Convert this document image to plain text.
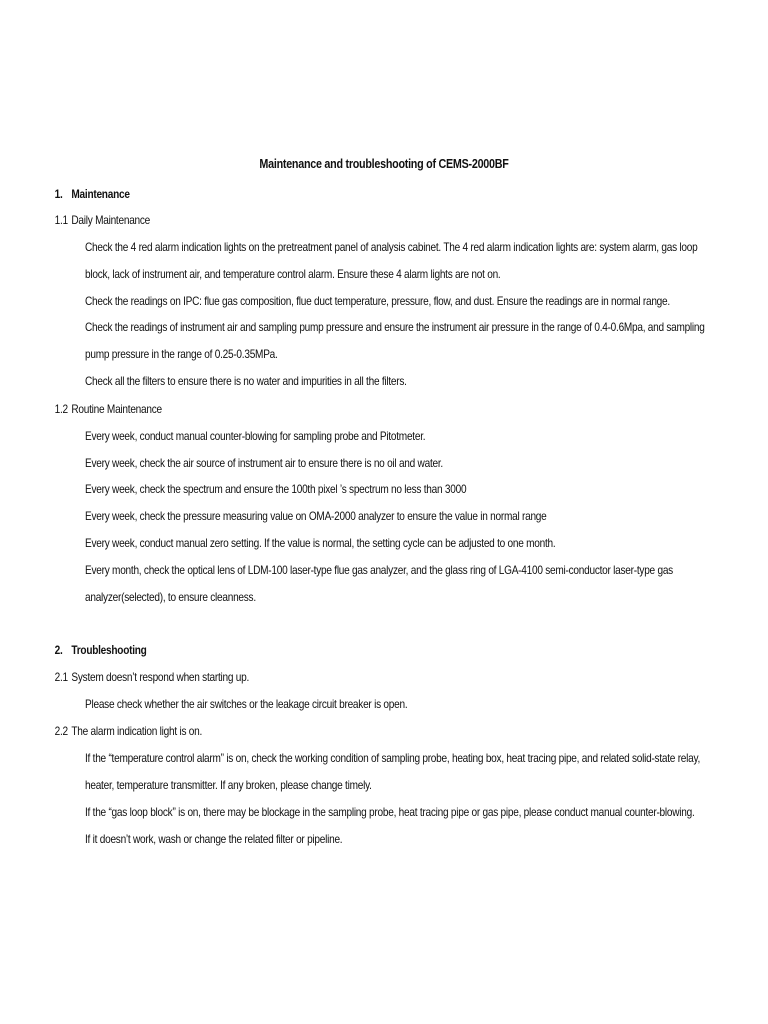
Maintenance and troubleshooting of CEMS-2000BF
1. Maintenance
1.1 Daily Maintenance
Check the 4 red alarm indication lights on the pretreatment panel of analysis cabinet. The 4 red alarm indication lights are: system alarm, gas loop
block, lack of instrument air, and temperature control alarm. Ensure these 4 alarm lights are not on.
Check the readings on IPC: flue gas composition, flue duct temperature, pressure, flow, and dust. Ensure the readings are in normal range.
Check the readings of instrument air and sampling pump pressure and ensure the instrument air pressure in the range of 0.4-0.6Mpa, and sampling
pump pressure in the range of 0.25-0.35MPa.
Check all the filters to ensure there is no water and impurities in all the filters.
1.2 Routine Maintenance
Every week, conduct manual counter-blowing for sampling probe and Pitotmeter.
Every week, check the air source of instrument air to ensure there is no oil and water.
Every week, check the spectrum and ensure the 100th pixel ’s spectrum no less than 3000
Every week, check the pressure measuring value on OMA-2000 analyzer to ensure the value in normal range
Every week, conduct manual zero setting. If the value is normal, the setting cycle can be adjusted to one month.
Every month, check the optical lens of LDM-100 laser-type flue gas analyzer, and the glass ring of LGA-4100 semi-conductor laser-type gas
analyzer(selected), to ensure cleanness.
2. Troubleshooting
2.1 System doesn’t respond when starting up.
Please check whether the air switches or the leakage circuit breaker is open.
2.2 The alarm indication light is on.
If the “temperature control alarm” is on, check the working condition of sampling probe, heating box, heat tracing pipe, and related solid-state relay,
heater, temperature transmitter. If any broken, please change timely.
If the “gas loop block” is on, there may be blockage in the sampling probe, heat tracing pipe or gas pipe, please conduct manual counter-blowing.
If it doesn’t work, wash or change the related filter or pipeline.
